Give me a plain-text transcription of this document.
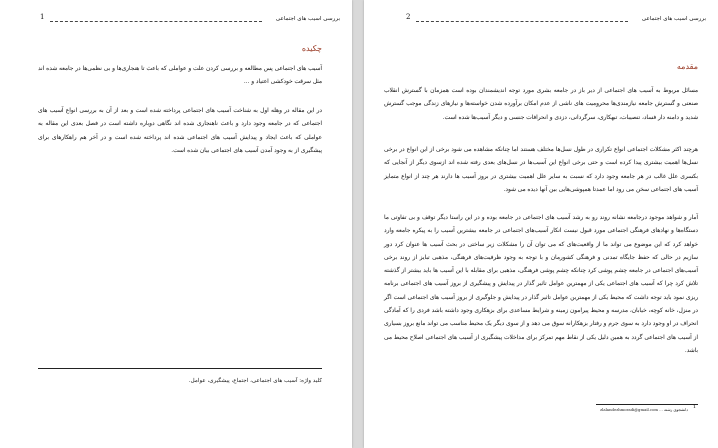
بررسی آسیب های اجتماعی
1
چکیده
آسیب های اجتماعی پس مطالعه و بررسی کردن علت و عواملی که باعث تا هنجاری‌ها و بی نظمی‌ها در جامعه شده اند مثل سرقت خودکشی اعتیاد و ...
در این مقاله در وهله اول به شناخت آسیب های اجتماعی پرداخته شده است و بعد از آن به بررسی انواع آسیب های اجتماعی که در جامعه وجود دارد و باعث ناهنجاری شده اند نگاهی دوباره داشته است در فصل بعدی این مقاله به عواملی که باعث ایجاد و پیدایش آسیب های اجتماعی شده اند پرداخته شده است و در آخر هم راهکارهای برای پیشگیری از به وجود آمدن آسیب های اجتماعی بیان شده است.
کلید واژه: آسیب های اجتماعی، اجتماع، پیشگیری، عوامل.
بررسی آسیب های اجتماعی
2
مقدمه
مسائل مربوط به آسیب های اجتماعی از دیر باز در جامعه بشری مورد توجه اندیشمندان بوده است همزمان با گسترش انقلاب صنعتی و گسترش جامعه نیازمندی‌ها محرومیت های ناشی از عدم امکان برآورده شدن خواسته‌ها و نیازهای زندگی موجب گسترش شدید و دامنه دار فساد، تنصیبات، تبهکاری، سرگردانی، دزدی و انحرافات جنسی و دیگر آسیب‌ها شده است.
هرچند اکثر مشکلات اجتماعی انواع تکراری در طول نسل‌ها مختلف هستند اما چنانکه مشاهده می شود برخی از این انواع در برخی نسل‌ها اهمیت بیشتری پیدا کرده است و حتی برخی انواع این آسیب‌ها در نسل‌های بعدی رفته شده اند ازسوی دیگر از آنجایی که بکسری علل غالب در هر جامعه وجود دارد که نسبت به سایر علل اهمیت بیشتری در بروز آسیب ها دارند هر چند از انواع متمایز آسیب های اجتماعی سخن می رود اما عمدتا همپوشی‌هایی بین آنها دیده می شود.
آمار و شواهد موجود درجامعه نشانه روند رو به رشد آسیب های اجتماعی در جامعه بوده و در این راستا دیگر توقف و بی تفاوتی ما دستگاه‌ها و نهادهای فرهنگی اجتماعی مورد قبول نیست انکار آسیب‌های اجتماعی در جامعه بیشترین آسیب را به پیکره جامعه وارد خواهد کرد که این موضوع می تواند ما از واقعیت‌های که می توان آن را مشکلات زیر ساختی در بحث آسیب ها عنوان کرد دور سازیم در حالی که حفظ جایگاه تمدنی و فرهنگی کشورمان و با توجه به وجود ظرفیت‌های فرهنگی، مذهبی تبایز از روند برخی آسیب‌های اجتماعی در جامعه چشم پوشی کرد چنانکه چشم پوشی فرهنگی، مذهبی برای مقابله با این آسیب ها باید بیشتر از گذشته تلاش کرد چرا که آسیب های اجتماعی یکی از مهمترین عوامل تاثیر گذار در پیدایش و پیشگیری از بروز آسیب های اجتماعی برنامه ریزی نمود باید توجه داشت که محیط یکی از مهمترین عوامل تاثیر گذار در پیدایش و جلوگیری از بروز آسیب های اجتماعی است اگر در منزل، خانه کوچه، خیابان، مدرسه و محیط پیرامون زمینه و شرایط مساعدی برای بزهکاری وجود داشته باشد فردی را که آمادگی انحراف در او وجود دارد به سوی جرم و رفتار بزهکارانه سوق می دهد و از سوی دیگر یک محیط مناسب می تواند مانع بروز بسیاری از آسیب های اجتماعی گردد به همین دلیل یکی از نقاط مهم تمرکز برای مداخلات پیشگیری از آسیب های اجتماعی اصلاح محیط می باشد.
1
دانشجوی رشته ... zlalandezhmoradi@gmail.com
